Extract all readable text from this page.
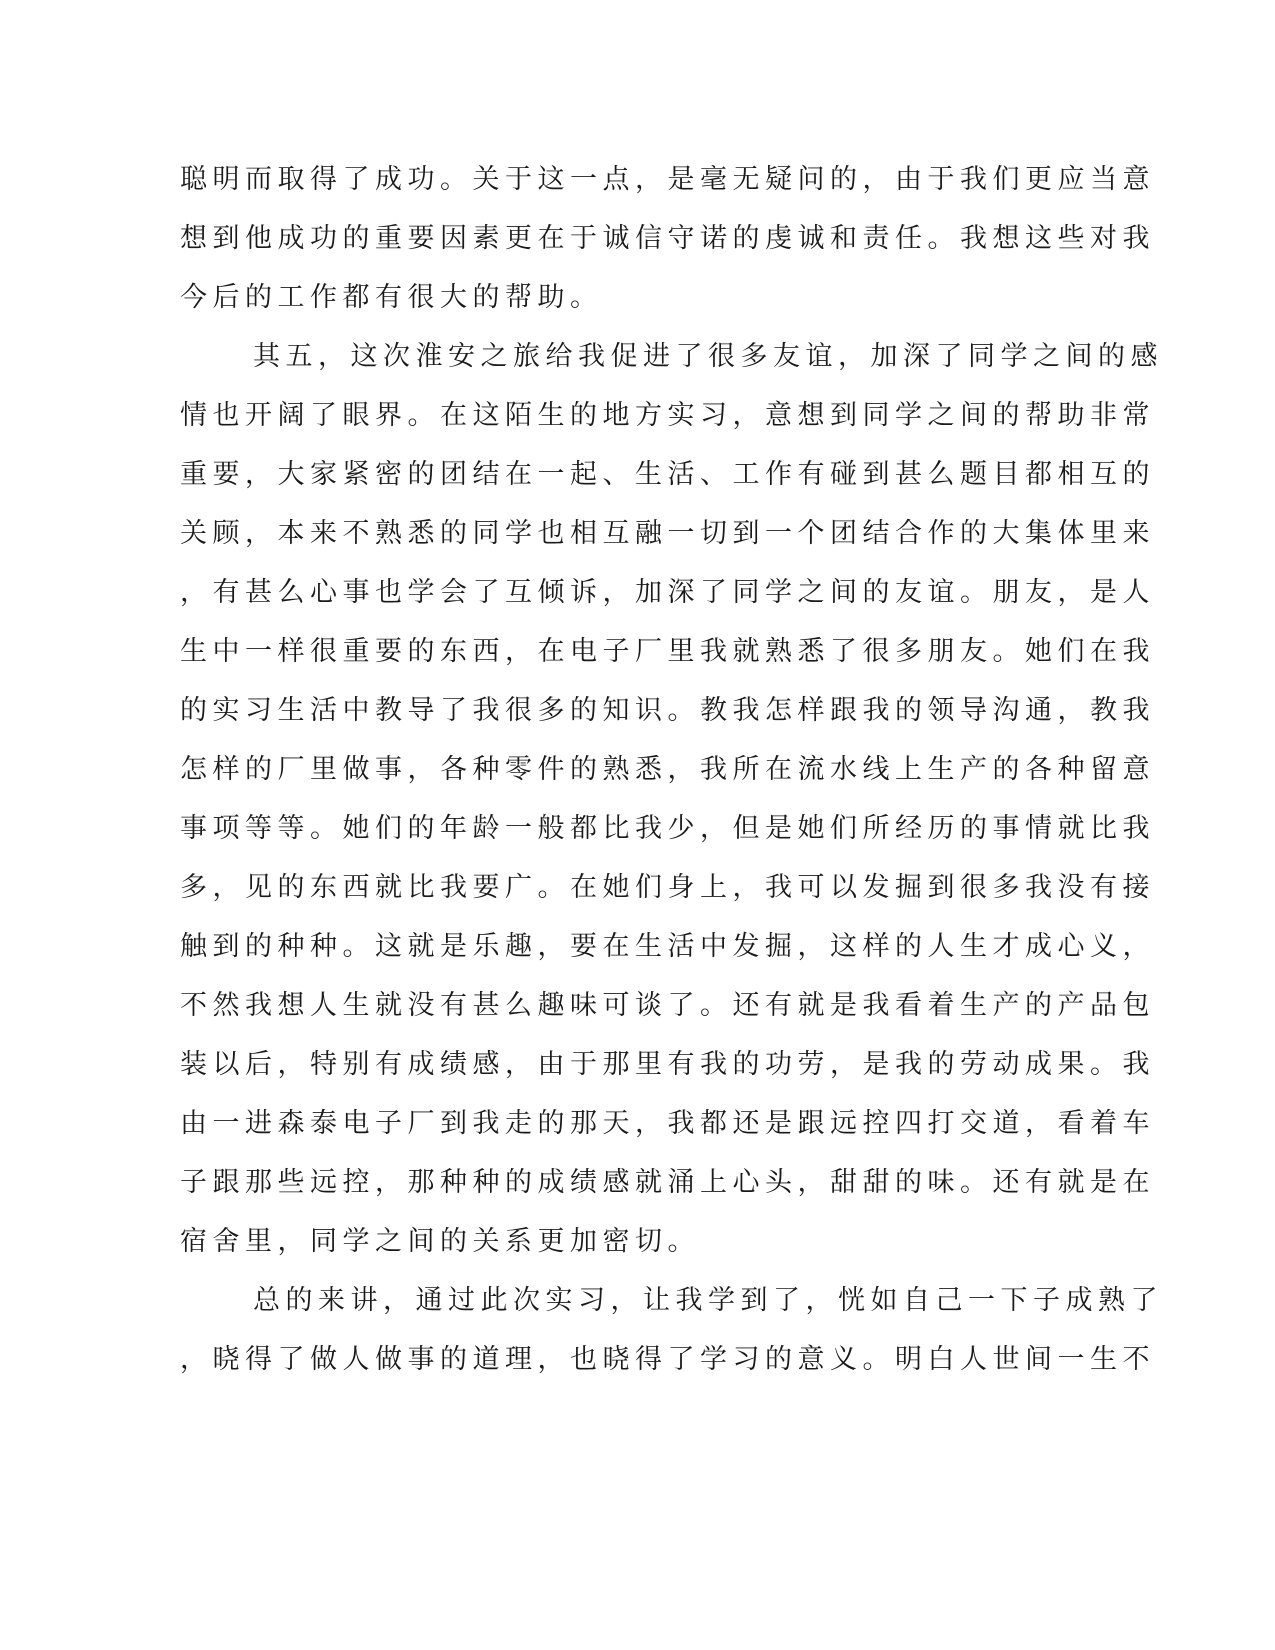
聪明而取得了成功。关于这一点，是毫无疑问的，由于我们更应当意
想到他成功的重要因素更在于诚信守诺的虔诚和责任。我想这些对我
今后的工作都有很大的帮助。
其五，这次淮安之旅给我促进了很多友谊，加深了同学之间的感
情也开阔了眼界。在这陌生的地方实习，意想到同学之间的帮助非常
重要，大家紧密的团结在一起、生活、工作有碰到甚么题目都相互的
关顾，本来不熟悉的同学也相互融一切到一个团结合作的大集体里来
，有甚么心事也学会了互倾诉，加深了同学之间的友谊。朋友，是人
生中一样很重要的东西，在电子厂里我就熟悉了很多朋友。她们在我
的实习生活中教导了我很多的知识。教我怎样跟我的领导沟通，教我
怎样的厂里做事，各种零件的熟悉，我所在流水线上生产的各种留意
事项等等。她们的年龄一般都比我少，但是她们所经历的事情就比我
多，见的东西就比我要广。在她们身上，我可以发掘到很多我没有接
触到的种种。这就是乐趣，要在生活中发掘，这样的人生才成心义，
不然我想人生就没有甚么趣味可谈了。还有就是我看着生产的产品包
装以后，特别有成绩感，由于那里有我的功劳，是我的劳动成果。我
由一进森泰电子厂到我走的那天，我都还是跟远控四打交道，看着车
子跟那些远控，那种种的成绩感就涌上心头，甜甜的味。还有就是在
宿舍里，同学之间的关系更加密切。
总的来讲，通过此次实习，让我学到了，恍如自己一下子成熟了
，晓得了做人做事的道理，也晓得了学习的意义。明白人世间一生不
